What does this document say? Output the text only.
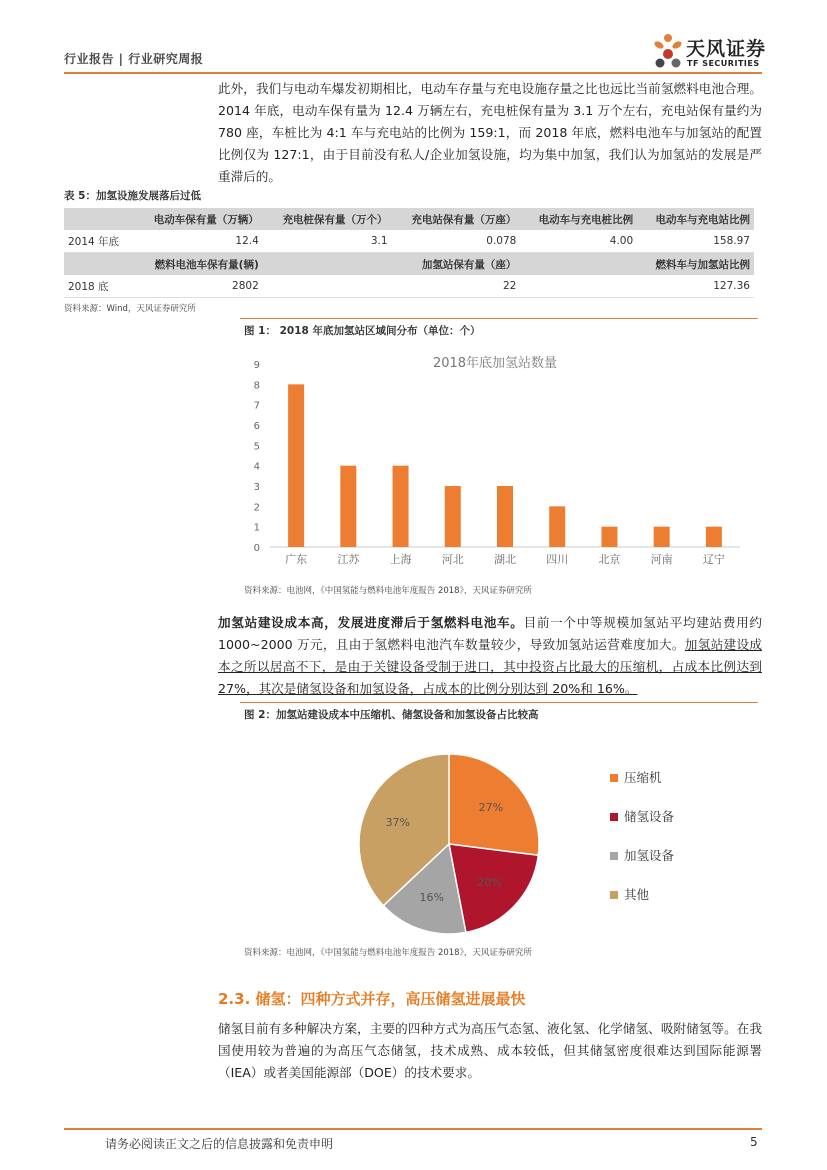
行业报告 | 行业研究周报	天风证券
TF SECURITIES
此外，我们与电动车爆发初期相比，电动车存量与充电设施存量之比也远比当前氢燃料电池合理。2014 年底，电动车保有量为 12.4 万辆左右，充电桩保有量为 3.1 万个左右，充电站保有量约为 780 座，车桩比为 4:1 车与充电站的比例为 159:1，而 2018 年底，燃料电池车与加氢站的配置比例仅为 127:1，由于目前没有私人/企业加氢设施，均为集中加氢，我们认为加氢站的发展是严重滞后的。
表 5：加氢设施发展落后过低
	电动车保有量（万辆）	充电桩保有量（万个）	充电站保有量（万座）	电动车与充电桩比例	电动车与充电站比例
2014 年底	12.4	3.1	0.078	4.00	158.97
	燃料电池车保有量(辆)		加氢站保有量（座）		燃料车与加氢站比例
2018 底	2802		22		127.36
资料来源：Wind，天风证券研究所
图 1： 2018 年底加氢站区域间分布（单位：个）
2018年底加氢站数量
0
1
2
3
4
5
6
7
8
9
广东	江苏	上海	河北	湖北	四川	北京	河南	辽宁
资料来源：电池网，《中国氢能与燃料电池年度报告 2018》，天风证券研究所
加氢站建设成本高，发展进度滞后于氢燃料电池车。目前一个中等规模加氢站平均建站费用约 1000~2000 万元，且由于氢燃料电池汽车数量较少，导致加氢站运营难度加大。加氢站建设成本之所以居高不下，是由于关键设备受制于进口，其中投资占比最大的压缩机，占成本比例达到 27%，其次是储氢设备和加氢设备，占成本的比例分别达到 20%和 16%。
图 2：加氢站建设成本中压缩机、储氢设备和加氢设备占比较高
27%
20%
16%
37%
压缩机
储氢设备
加氢设备
其他
资料来源：电池网，《中国氢能与燃料电池年度报告 2018》，天风证券研究所
2.3. 储氢：四种方式并存，高压储氢进展最快
储氢目前有多种解决方案，主要的四种方式为高压气态氢、液化氢、化学储氢、吸附储氢等。在我国使用较为普遍的为高压气态储氢，技术成熟、成本较低，但其储氢密度很难达到国际能源署（IEA）或者美国能源部（DOE）的技术要求。
请务必阅读正文之后的信息披露和免责申明	5
